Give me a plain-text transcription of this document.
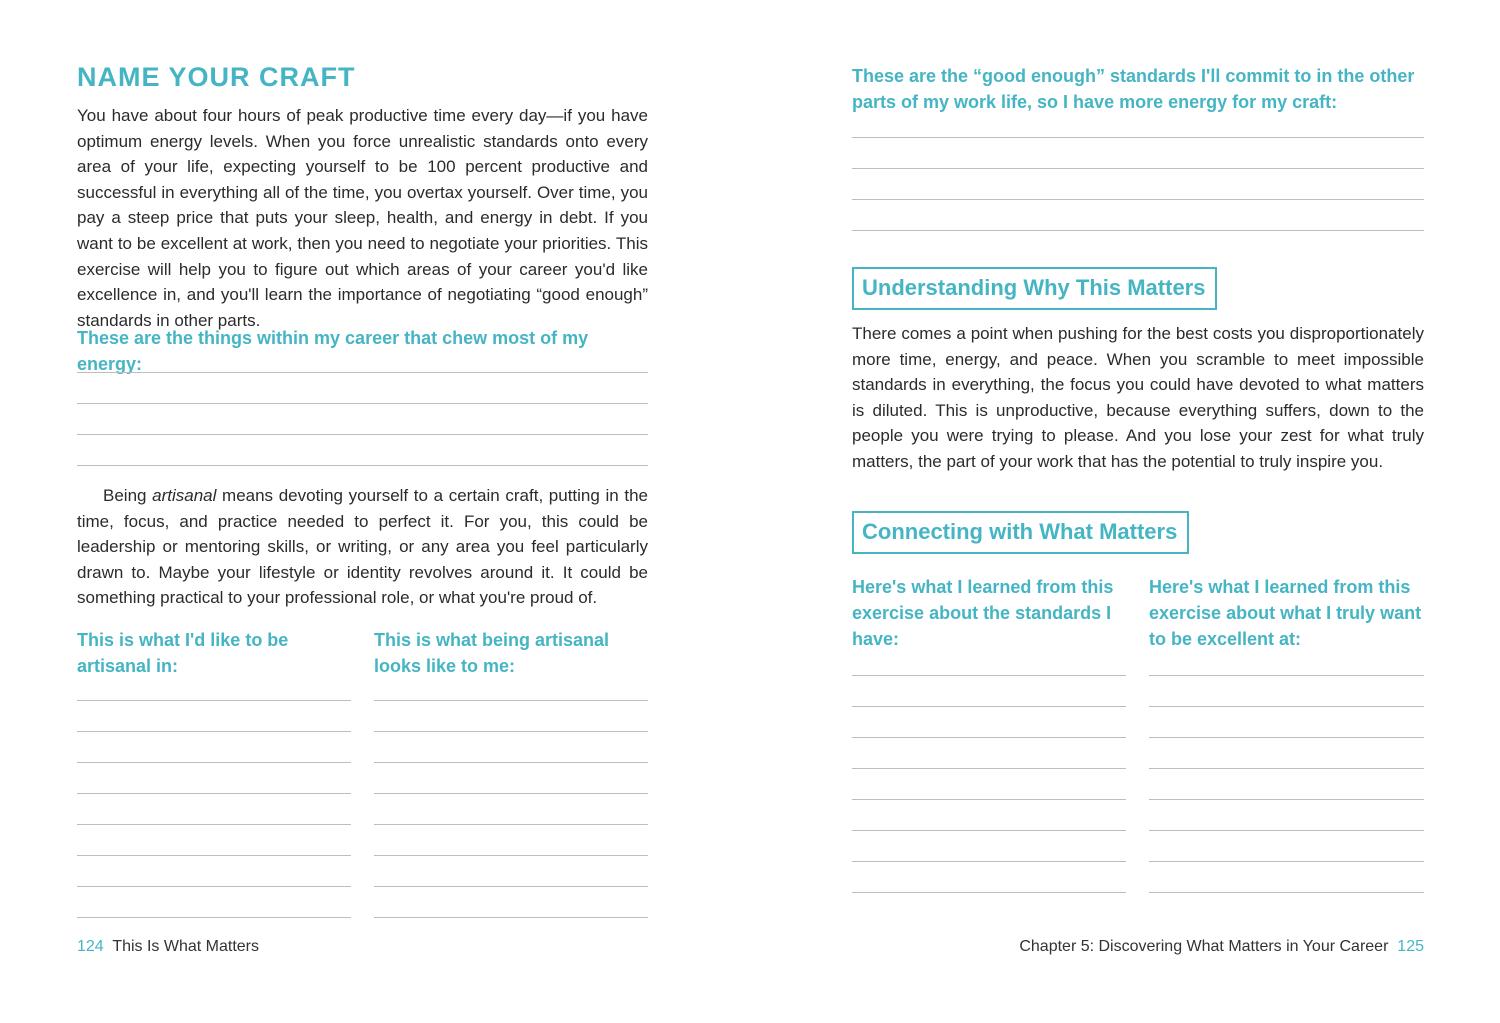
NAME YOUR CRAFT

You have about four hours of peak productive time every day—if you have optimum energy levels. When you force unrealistic standards onto every area of your life, expecting yourself to be 100 percent productive and successful in everything all of the time, you overtax yourself. Over time, you pay a steep price that puts your sleep, health, and energy in debt. If you want to be excellent at work, then you need to negotiate your priorities. This exercise will help you to figure out which areas of your career you'd like excellence in, and you'll learn the importance of negotiating “good enough” standards in other parts.

These are the things within my career that chew most of my energy:

Being artisanal means devoting yourself to a certain craft, putting in the time, focus, and practice needed to perfect it. For you, this could be leadership or mentoring skills, or writing, or any area you feel particularly drawn to. Maybe your lifestyle or identity revolves around it. It could be something practical to your professional role, or what you're proud of.

This is what I'd like to be artisanal in:

This is what being artisanal looks like to me:

124 This Is What Matters

These are the “good enough” standards I'll commit to in the other parts of my work life, so I have more energy for my craft:

Understanding Why This Matters

There comes a point when pushing for the best costs you disproportionately more time, energy, and peace. When you scramble to meet impossible standards in everything, the focus you could have devoted to what matters is diluted. This is unproductive, because everything suffers, down to the people you were trying to please. And you lose your zest for what truly matters, the part of your work that has the potential to truly inspire you.

Connecting with What Matters

Here's what I learned from this exercise about the standards I have:

Here's what I learned from this exercise about what I truly want to be excellent at:

Chapter 5: Discovering What Matters in Your Career 125
